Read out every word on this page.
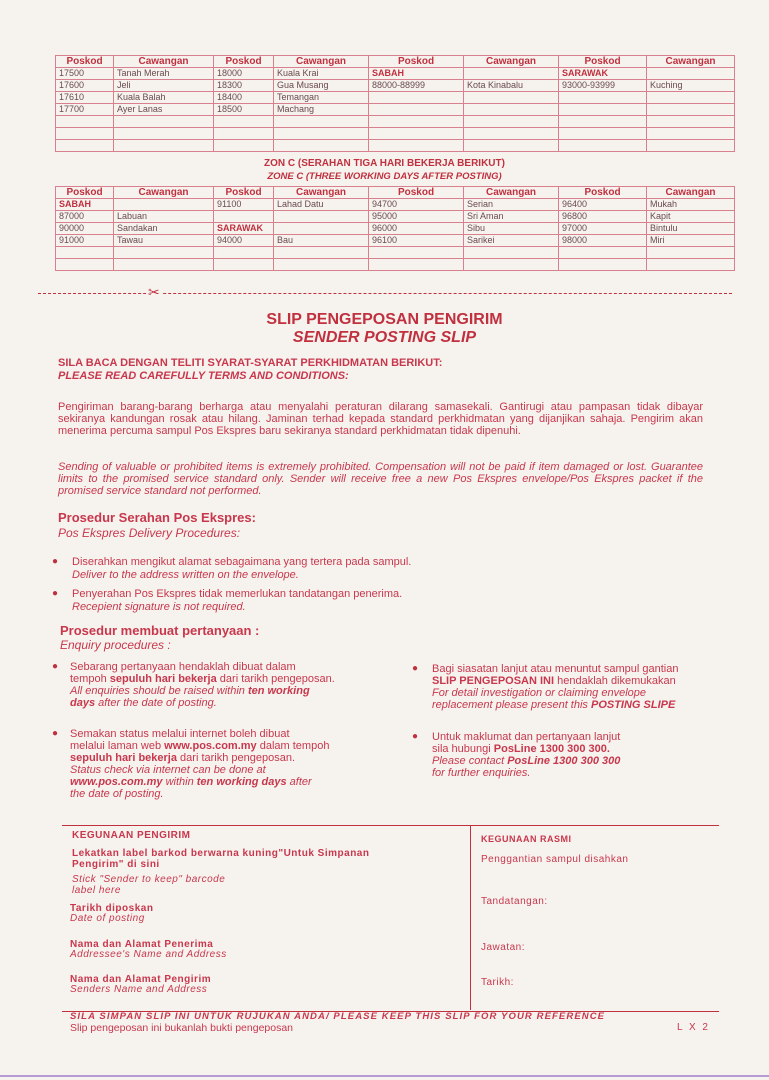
Poskod	Cawangan	Poskod	Cawangan	Poskod	Cawangan	Poskod	Cawangan
17500	Tanah Merah	18000	Kuala Krai	SABAH		SARAWAK	
17600	Jeli	18300	Gua Musang	88000-88999	Kota Kinabalu	93000-93999	Kuching
17610	Kuala Balah	18400	Temangan				
17700	Ayer Lanas	18500	Machang				

ZON C (SERAHAN TIGA HARI BEKERJA BERIKUT)
ZONE C (THREE WORKING DAYS AFTER POSTING)
Poskod	Cawangan	Poskod	Cawangan	Poskod	Cawangan	Poskod	Cawangan
SABAH		91100	Lahad Datu	94700	Serian	96400	Mukah
87000	Labuan			95000	Sri Aman	96800	Kapit
90000	Sandakan	SARAWAK		96000	Sibu	97000	Bintulu
91000	Tawau	94000	Bau	96100	Sarikei	98000	Miri

✂
SLIP PENGEPOSAN PENGIRIM
SENDER POSTING SLIP
SILA BACA DENGAN TELITI SYARAT-SYARAT PERKHIDMATAN BERIKUT:
PLEASE READ CAREFULLY TERMS AND CONDITIONS:
Pengiriman barang-barang berharga atau menyalahi peraturan dilarang samasekali. Gantirugi atau pampasan tidak dibayar sekiranya kandungan rosak atau hilang. Jaminan terhad kepada standard perkhidmatan yang dijanjikan sahaja. Pengirim akan menerima percuma sampul Pos Ekspres baru sekiranya standard perkhidmatan tidak dipenuhi.
Sending of valuable or prohibited items is extremely prohibited. Compensation will not be paid if item damaged or lost. Guarantee limits to the promised service standard only. Sender will receive free a new Pos Ekspres envelope/Pos Ekspres packet if the promised service standard not performed.
Prosedur Serahan Pos Ekspres:
Pos Ekspres Delivery Procedures:
● Diserahkan mengikut alamat sebagaimana yang tertera pada sampul.
Deliver to the address written on the envelope.
● Penyerahan Pos Ekspres tidak memerlukan tandatangan penerima.
Recepient signature is not required.
Prosedur membuat pertanyaan :
Enquiry procedures :
● Sebarang pertanyaan hendaklah dibuat dalam
tempoh sepuluh hari bekerja dari tarikh pengeposan.
All enquiries should be raised within ten working
days after the date of posting.
● Semakan status melalui internet boleh dibuat
melalui laman web www.pos.com.my dalam tempoh
sepuluh hari bekerja dari tarikh pengeposan.
Status check via internet can be done at
www.pos.com.my within ten working days after
the date of posting.
● Bagi siasatan lanjut atau menuntut sampul gantian
SLIP PENGEPOSAN INI hendaklah dikemukakan
For detail investigation or claiming envelope
replacement please present this POSTING SLIPE
● Untuk maklumat dan pertanyaan lanjut
sila hubungi PosLine 1300 300 300.
Please contact PosLine 1300 300 300
for further enquiries.
KEGUNAAN PENGIRIM
Lekatkan label barkod berwarna kuning"Untuk Simpanan Pengirim" di sini
Stick "Sender to keep" barcode label here
Tarikh diposkan
Date of posting
Nama dan Alamat Penerima
Addressee's Name and Address
Nama dan Alamat Pengirim
Senders Name and Address
KEGUNAAN RASMI
Penggantian sampul disahkan
Tandatangan:
Jawatan:
Tarikh:
SILA SIMPAN SLIP INI UNTUK RUJUKAN ANDA/ PLEASE KEEP THIS SLIP FOR YOUR REFERENCE
Slip pengeposan ini bukanlah bukti pengeposan	L X 2
